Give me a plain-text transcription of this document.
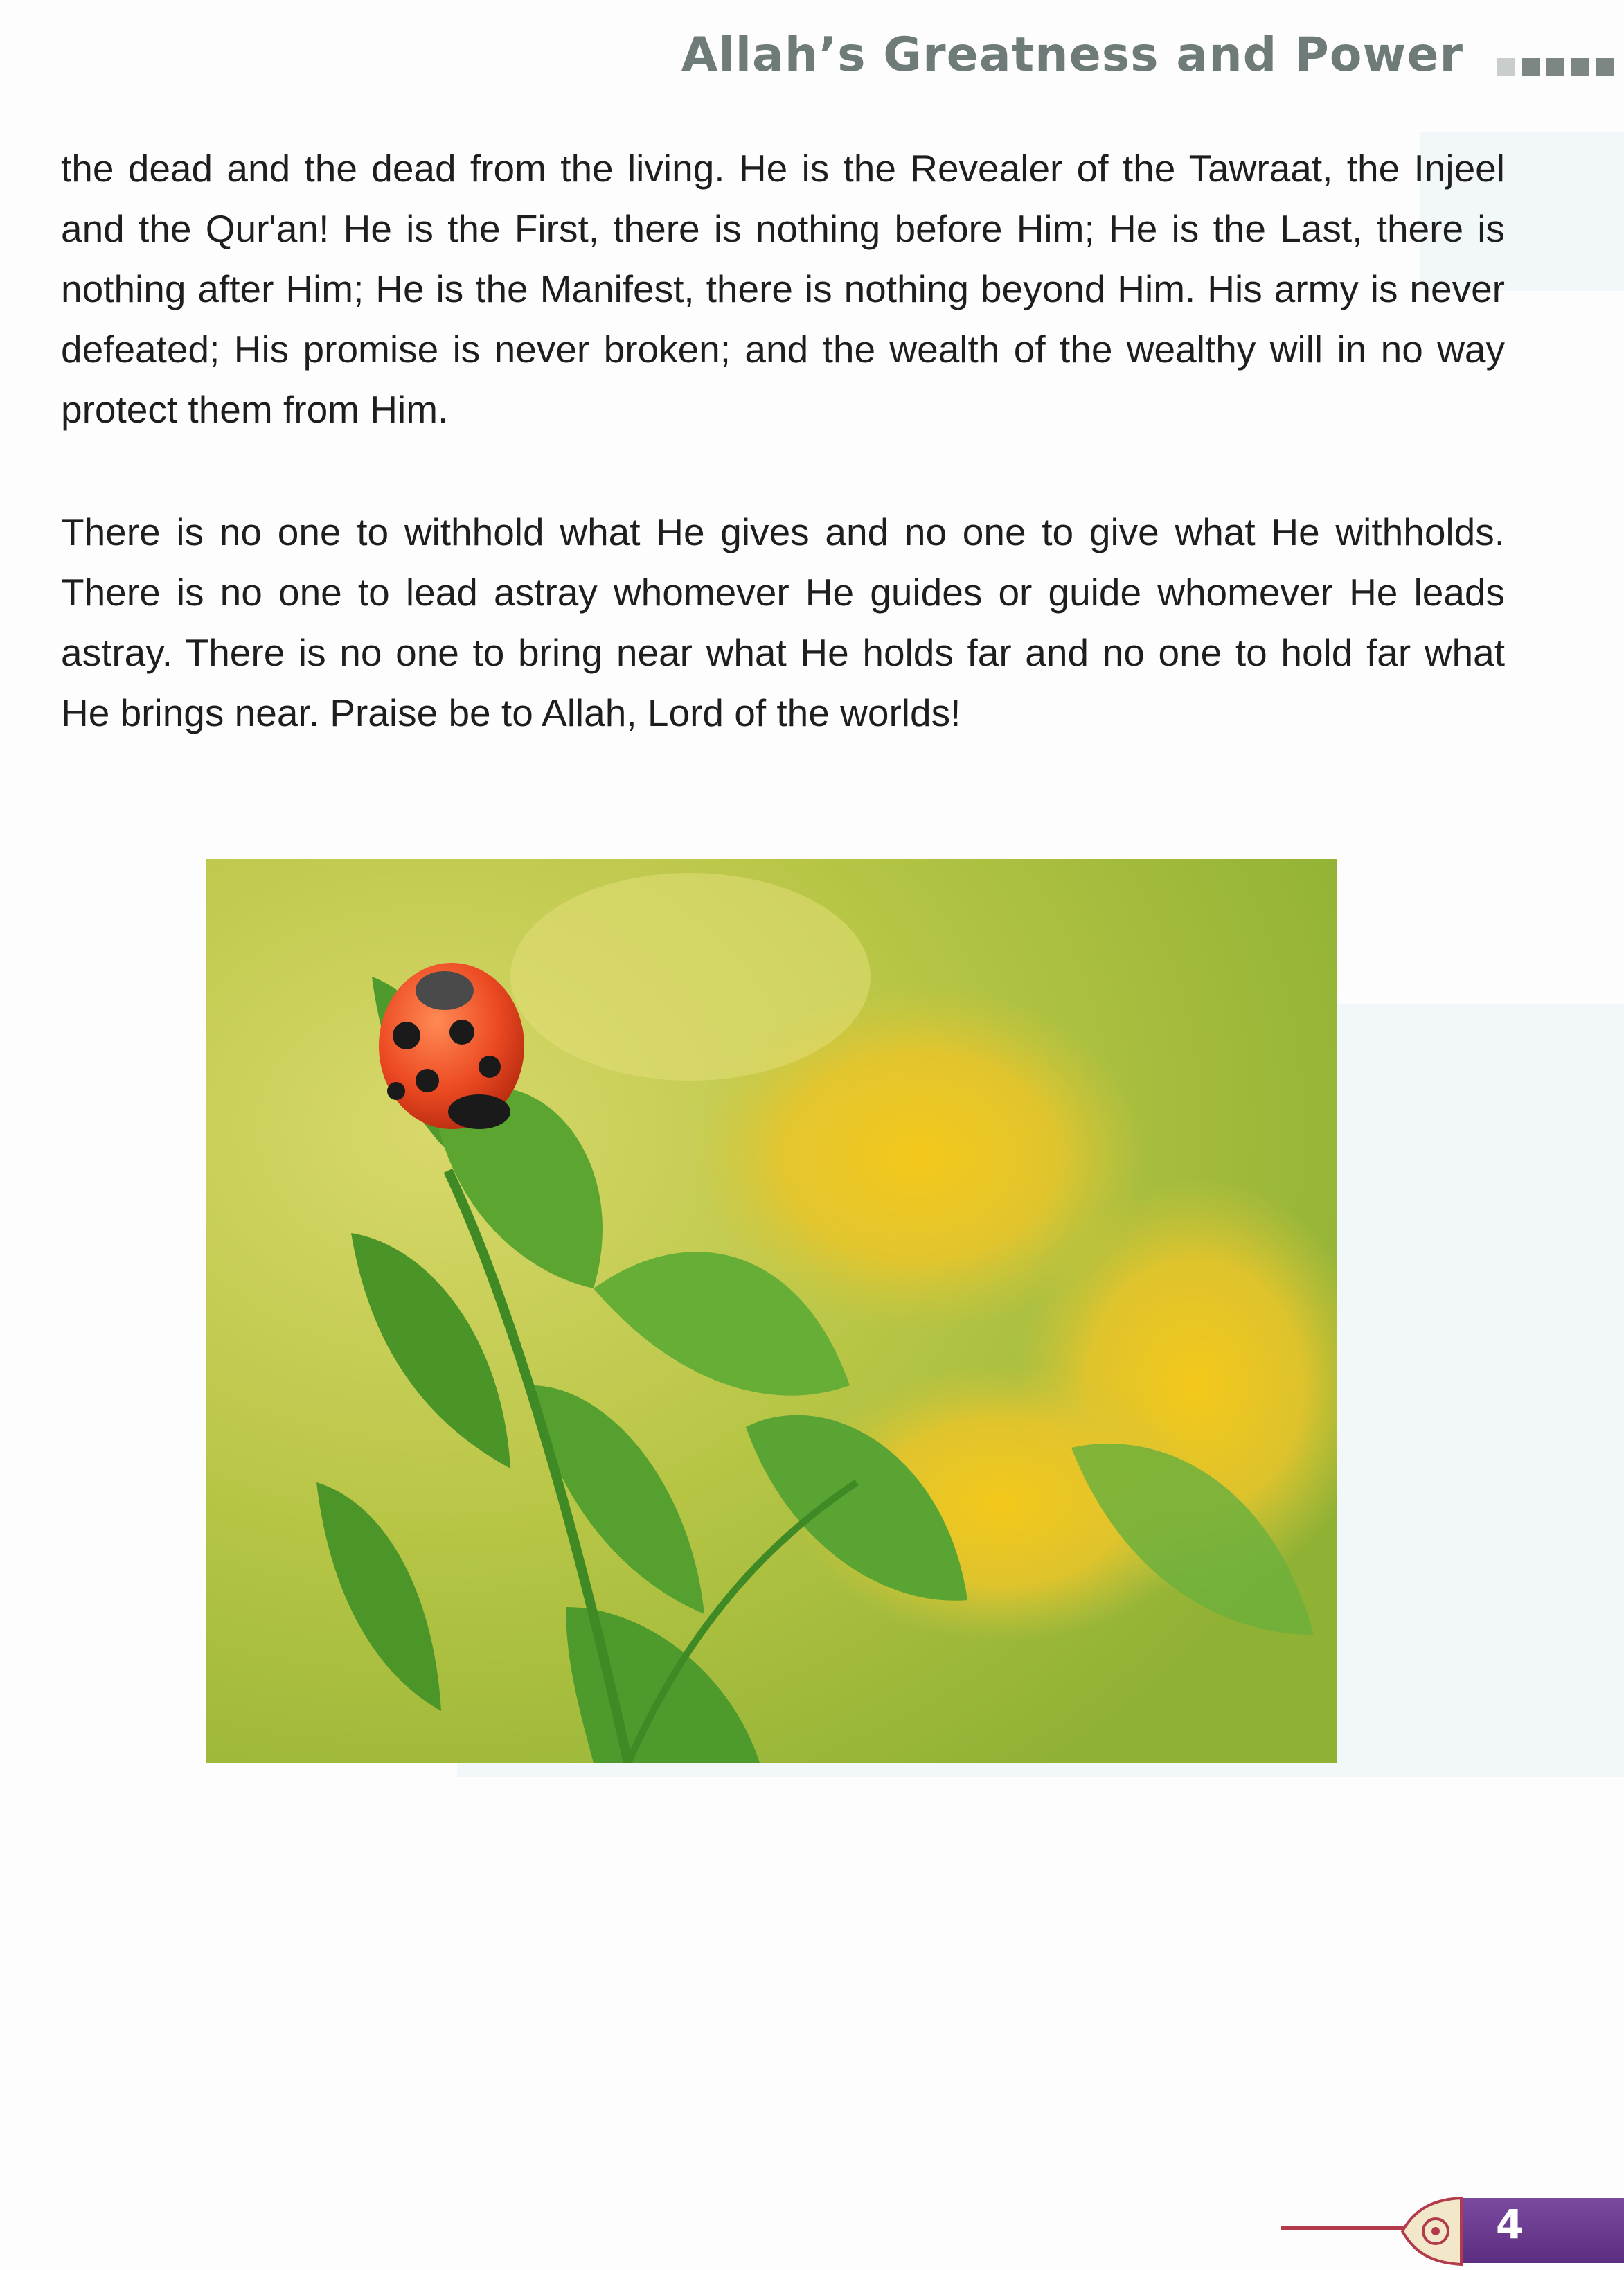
Allah’s Greatness and Power
the dead and the dead from the living. He is the Revealer of the Tawraat, the Injeel and the Qur'an! He is the First, there is nothing before Him; He is the Last, there is nothing after Him; He is the Manifest, there is nothing beyond Him. His army is never defeated; His promise is never broken; and the wealth of the wealthy will in no way protect them from Him.
There is no one to withhold what He gives and no one to give what He withholds. There is no one to lead astray whomever He guides or guide whomever He leads astray. There is no one to bring near what He holds far and no one to hold far what He brings near. Praise be to Allah, Lord of the worlds!
4
